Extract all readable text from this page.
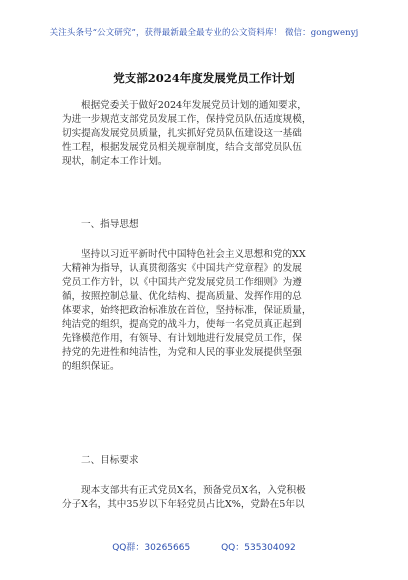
关注头条号“公文研究”，获得最新最全最专业的公文资料库！ 微信：gongwenyj
党支部2024年度发展党员工作计划
根据党委关于做好2024年发展党员计划的通知要求，
为进一步规范支部党员发展工作，保持党员队伍适度规模，
切实提高发展党员质量，扎实抓好党员队伍建设这一基础
性工程，根据发展党员相关规章制度，结合支部党员队伍
现状，制定本工作计划。
一、指导思想
坚持以习近平新时代中国特色社会主义思想和党的XX
大精神为指导，认真贯彻落实《中国共产党章程》的发展
党员工作方针，以《中国共产党发展党员工作细则》为遵
循，按照控制总量、优化结构、提高质量、发挥作用的总
体要求，始终把政治标准放在首位，坚持标准，保证质量，
纯洁党的组织，提高党的战斗力，使每一名党员真正起到
先锋模范作用，有领导、有计划地进行发展党员工作，保
持党的先进性和纯洁性，为党和人民的事业发展提供坚强
的组织保证。
二、目标要求
现本支部共有正式党员X名，预备党员X名，入党积极
分子X名，其中35岁以下年轻党员占比X%，党龄在5年以
QQ群：30265665	QQ：535304092
